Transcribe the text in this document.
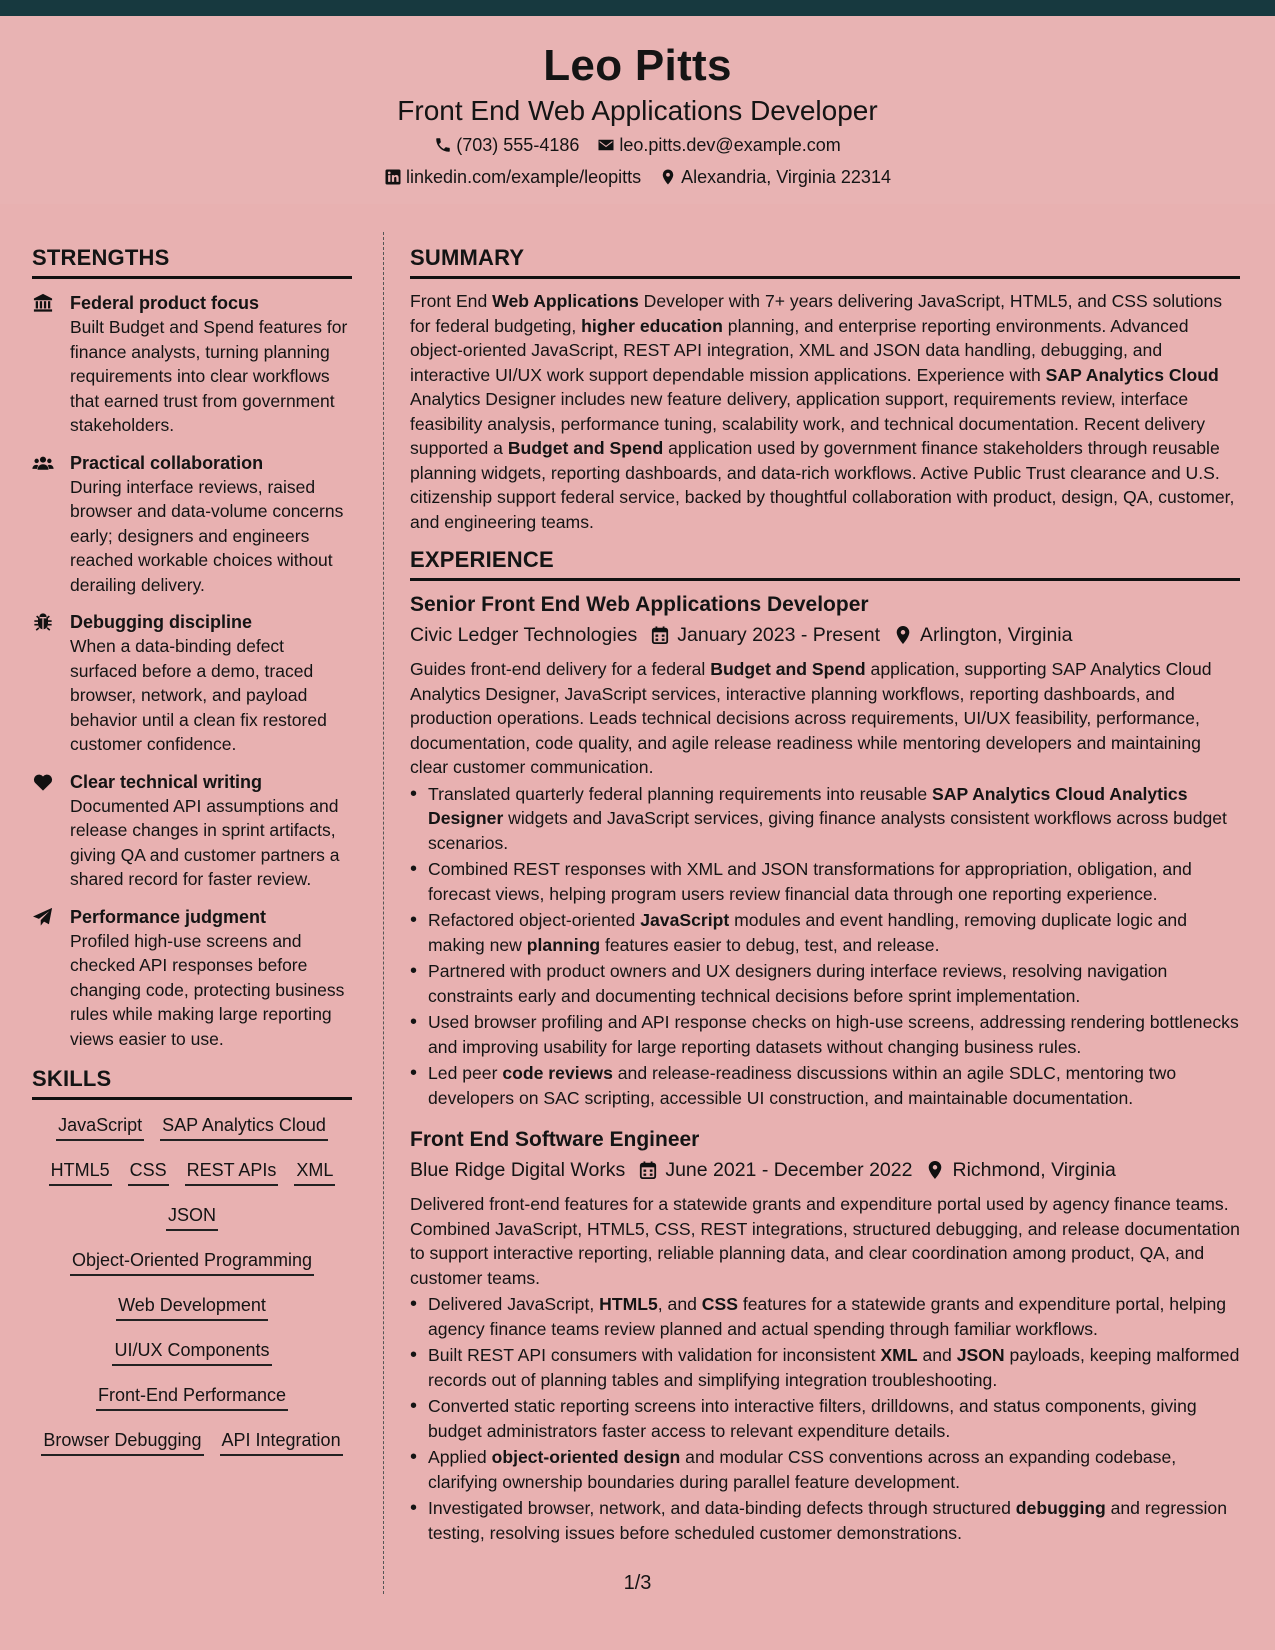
Leo Pitts
Front End Web Applications Developer
(703) 555-4186 leo.pitts.dev@example.com
linkedin.com/example/leopitts Alexandria, Virginia 22314
STRENGTHS
Federal product focus
Built Budget and Spend features for finance analysts, turning planning requirements into clear workflows that earned trust from government stakeholders.
Practical collaboration
During interface reviews, raised browser and data-volume concerns early; designers and engineers reached workable choices without derailing delivery.
Debugging discipline
When a data-binding defect surfaced before a demo, traced browser, network, and payload behavior until a clean fix restored customer confidence.
Clear technical writing
Documented API assumptions and release changes in sprint artifacts, giving QA and customer partners a shared record for faster review.
Performance judgment
Profiled high-use screens and checked API responses before changing code, protecting business rules while making large reporting views easier to use.
SKILLS
JavaScript SAP Analytics Cloud
HTML5 CSS REST APIs XML
JSON
Object-Oriented Programming
Web Development
UI/UX Components
Front-End Performance
Browser Debugging API Integration
SUMMARY
Front End Web Applications Developer with 7+ years delivering JavaScript, HTML5, and CSS solutions for federal budgeting, higher education planning, and enterprise reporting environments. Advanced object-oriented JavaScript, REST API integration, XML and JSON data handling, debugging, and interactive UI/UX work support dependable mission applications. Experience with SAP Analytics Cloud Analytics Designer includes new feature delivery, application support, requirements review, interface feasibility analysis, performance tuning, scalability work, and technical documentation. Recent delivery supported a Budget and Spend application used by government finance stakeholders through reusable planning widgets, reporting dashboards, and data-rich workflows. Active Public Trust clearance and U.S. citizenship support federal service, backed by thoughtful collaboration with product, design, QA, customer, and engineering teams.
EXPERIENCE
Senior Front End Web Applications Developer
Civic Ledger Technologies January 2023 - Present Arlington, Virginia
Guides front-end delivery for a federal Budget and Spend application, supporting SAP Analytics Cloud Analytics Designer, JavaScript services, interactive planning workflows, reporting dashboards, and production operations. Leads technical decisions across requirements, UI/UX feasibility, performance, documentation, code quality, and agile release readiness while mentoring developers and maintaining clear customer communication.
• Translated quarterly federal planning requirements into reusable SAP Analytics Cloud Analytics Designer widgets and JavaScript services, giving finance analysts consistent workflows across budget scenarios.
• Combined REST responses with XML and JSON transformations for appropriation, obligation, and forecast views, helping program users review financial data through one reporting experience.
• Refactored object-oriented JavaScript modules and event handling, removing duplicate logic and making new planning features easier to debug, test, and release.
• Partnered with product owners and UX designers during interface reviews, resolving navigation constraints early and documenting technical decisions before sprint implementation.
• Used browser profiling and API response checks on high-use screens, addressing rendering bottlenecks and improving usability for large reporting datasets without changing business rules.
• Led peer code reviews and release-readiness discussions within an agile SDLC, mentoring two developers on SAC scripting, accessible UI construction, and maintainable documentation.
Front End Software Engineer
Blue Ridge Digital Works June 2021 - December 2022 Richmond, Virginia
Delivered front-end features for a statewide grants and expenditure portal used by agency finance teams. Combined JavaScript, HTML5, CSS, REST integrations, structured debugging, and release documentation to support interactive reporting, reliable planning data, and clear coordination among product, QA, and customer teams.
• Delivered JavaScript, HTML5, and CSS features for a statewide grants and expenditure portal, helping agency finance teams review planned and actual spending through familiar workflows.
• Built REST API consumers with validation for inconsistent XML and JSON payloads, keeping malformed records out of planning tables and simplifying integration troubleshooting.
• Converted static reporting screens into interactive filters, drilldowns, and status components, giving budget administrators faster access to relevant expenditure details.
• Applied object-oriented design and modular CSS conventions across an expanding codebase, clarifying ownership boundaries during parallel feature development.
• Investigated browser, network, and data-binding defects through structured debugging and regression testing, resolving issues before scheduled customer demonstrations.
1/3
